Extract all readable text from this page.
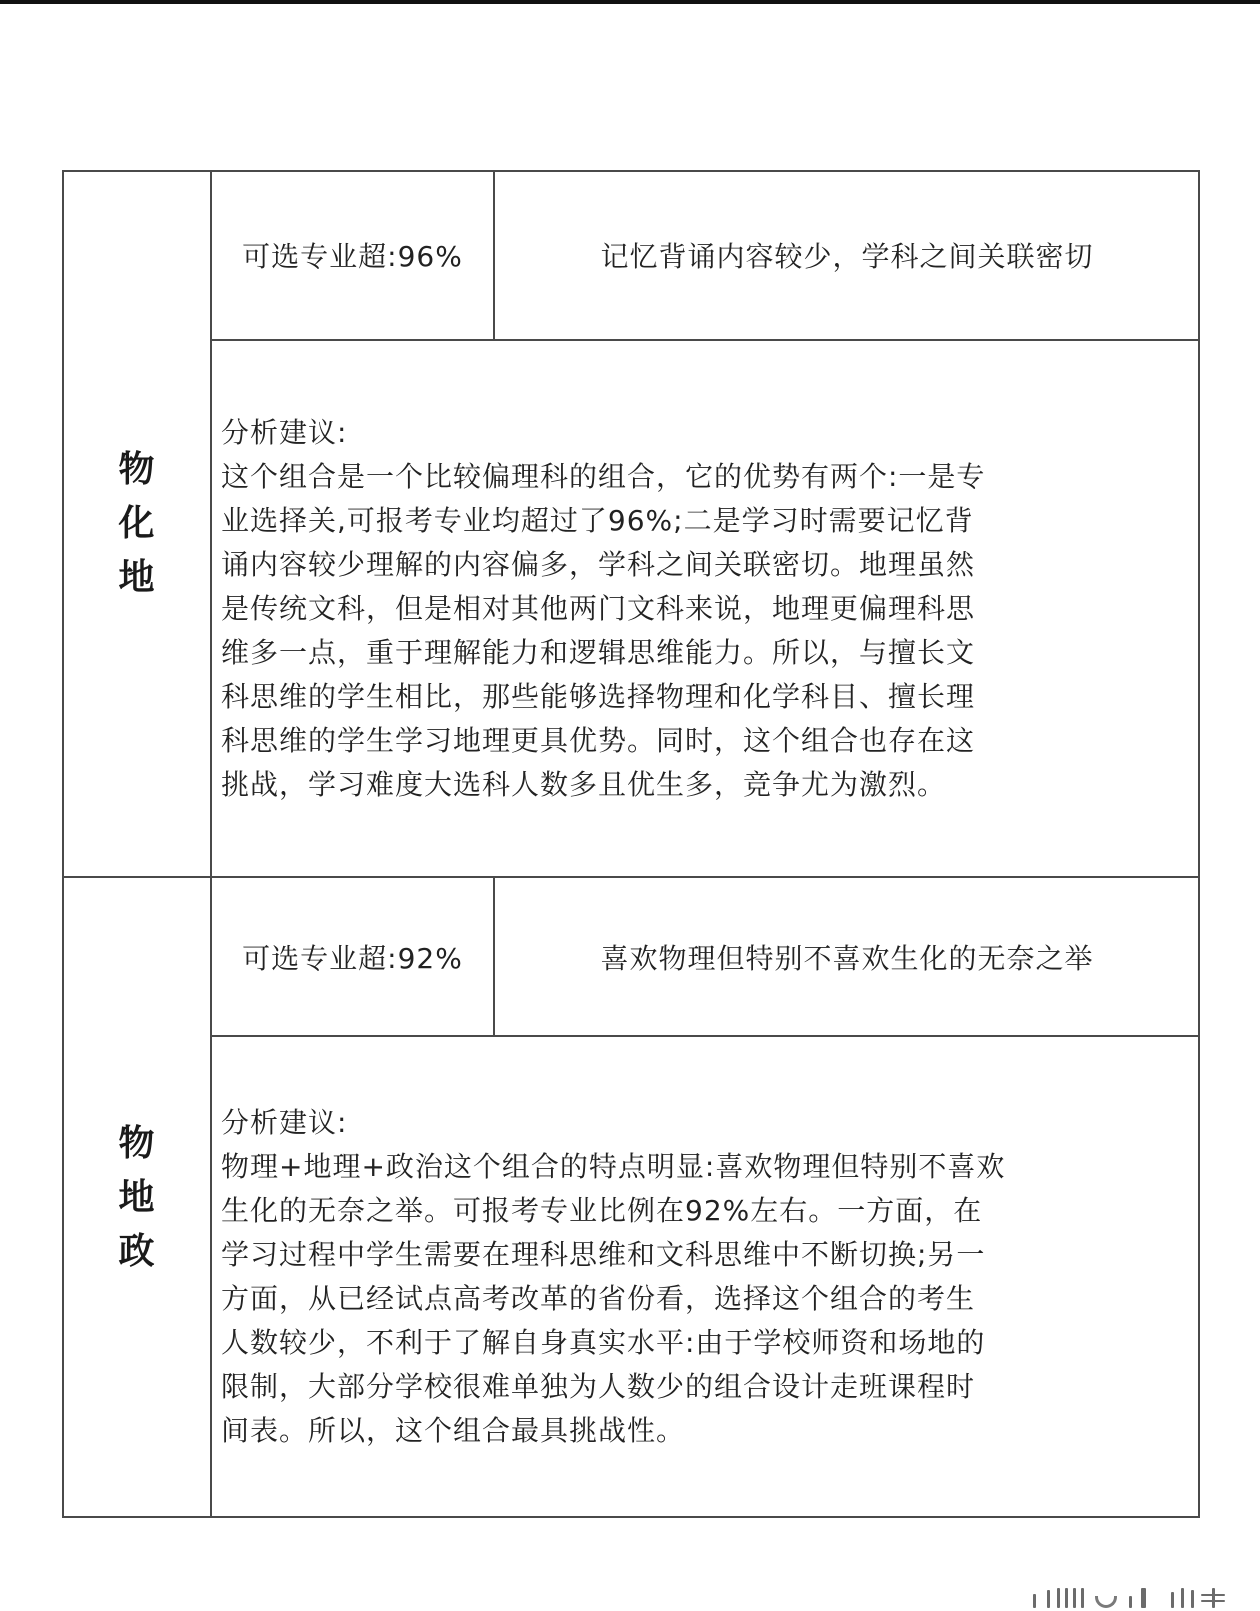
物化地
可选专业超:96%	记忆背诵内容较少，学科之间关联密切
分析建议:
这个组合是一个比较偏理科的组合，它的优势有两个:一是专
业选择关,可报考专业均超过了96%;二是学习时需要记忆背
诵内容较少理解的内容偏多，学科之间关联密切。地理虽然
是传统文科，但是相对其他两门文科来说，地理更偏理科思
维多一点，重于理解能力和逻辑思维能力。所以，与擅长文
科思维的学生相比，那些能够选择物理和化学科目、擅长理
科思维的学生学习地理更具优势。同时，这个组合也存在这
挑战，学习难度大选科人数多且优生多，竞争尤为激烈。
物地政
可选专业超:92%	喜欢物理但特别不喜欢生化的无奈之举
分析建议:
物理+地理+政治这个组合的特点明显:喜欢物理但特别不喜欢
生化的无奈之举。可报考专业比例在92%左右。一方面，在
学习过程中学生需要在理科思维和文科思维中不断切换;另一
方面，从已经试点高考改革的省份看，选择这个组合的考生
人数较少，不利于了解自身真实水平:由于学校师资和场地的
限制，大部分学校很难单独为人数少的组合设计走班课程时
间表。所以，这个组合最具挑战性。
